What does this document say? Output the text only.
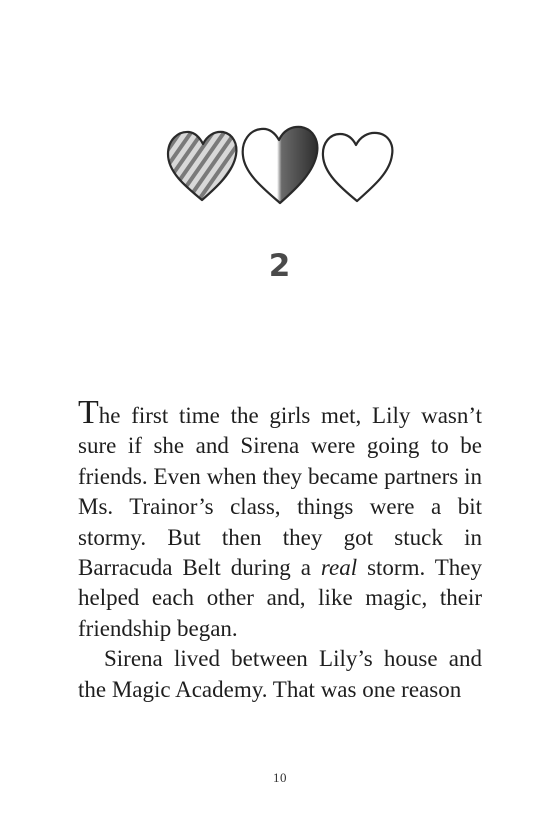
2

The first time the girls met, Lily wasn’t sure if she and Sirena were going to be friends. Even when they became partners in Ms. Trainor’s class, things were a bit stormy. But then they got stuck in Barracuda Belt during a real storm. They helped each other and, like magic, their friendship began.

Sirena lived between Lily’s house and the Magic Academy. That was one reason

10
